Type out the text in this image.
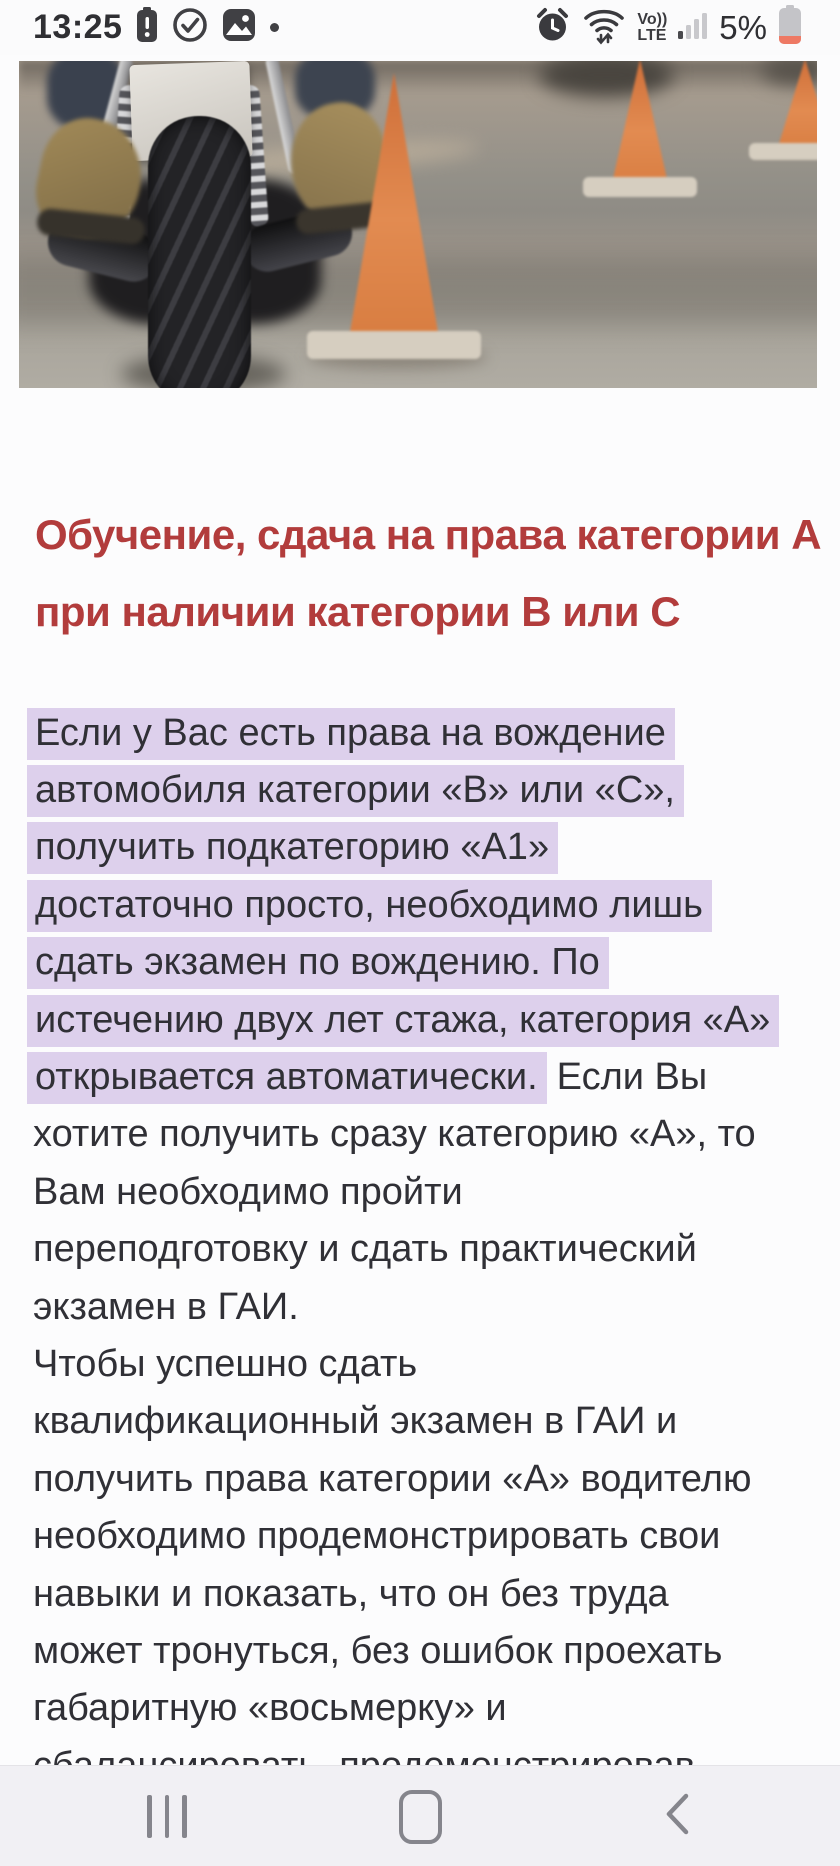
13:25	Vo))
LTE 5%
Обучение, сдача на права категории А
при наличии категории В или С
Если у Вас есть права на вождение
автомобиля категории «В» или «С»,
получить подкатегорию «А1»
достаточно просто, необходимо лишь
сдать экзамен по вождению. По
истечению двух лет стажа, категория «А»
открывается автоматически. Если Вы
хотите получить сразу категорию «А», то
Вам необходимо пройти
переподготовку и сдать практический
экзамен в ГАИ.
Чтобы успешно сдать
квалификационный экзамен в ГАИ и
получить права категории «А» водителю
необходимо продемонстрировать свои
навыки и показать, что он без труда
может тронуться, без ошибок проехать
габаритную «восьмерку» и
